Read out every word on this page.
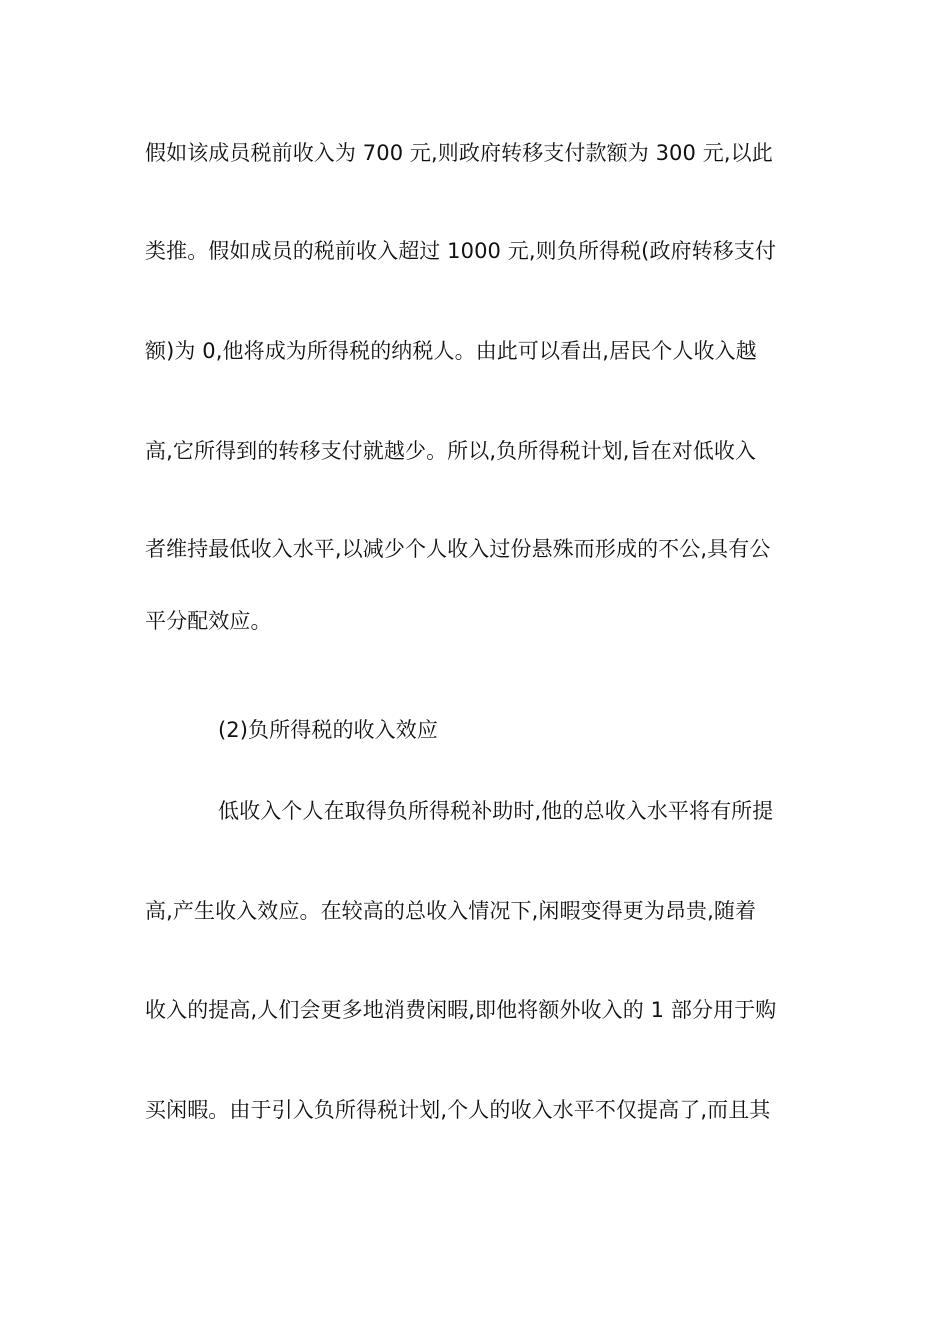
假如该成员税前收入为 700 元,则政府转移支付款额为 300 元,以此
类推。假如成员的税前收入超过 1000 元,则负所得税(政府转移支付
额)为 0,他将成为所得税的纳税人。由此可以看出,居民个人收入越
高,它所得到的转移支付就越少。所以,负所得税计划,旨在对低收入
者维持最低收入水平,以减少个人收入过份悬殊而形成的不公,具有公
平分配效应。
(2)负所得税的收入效应
低收入个人在取得负所得税补助时,他的总收入水平将有所提
高,产生收入效应。在较高的总收入情况下,闲暇变得更为昂贵,随着
收入的提高,人们会更多地消费闲暇,即他将额外收入的 1 部分用于购
买闲暇。由于引入负所得税计划,个人的收入水平不仅提高了,而且其
